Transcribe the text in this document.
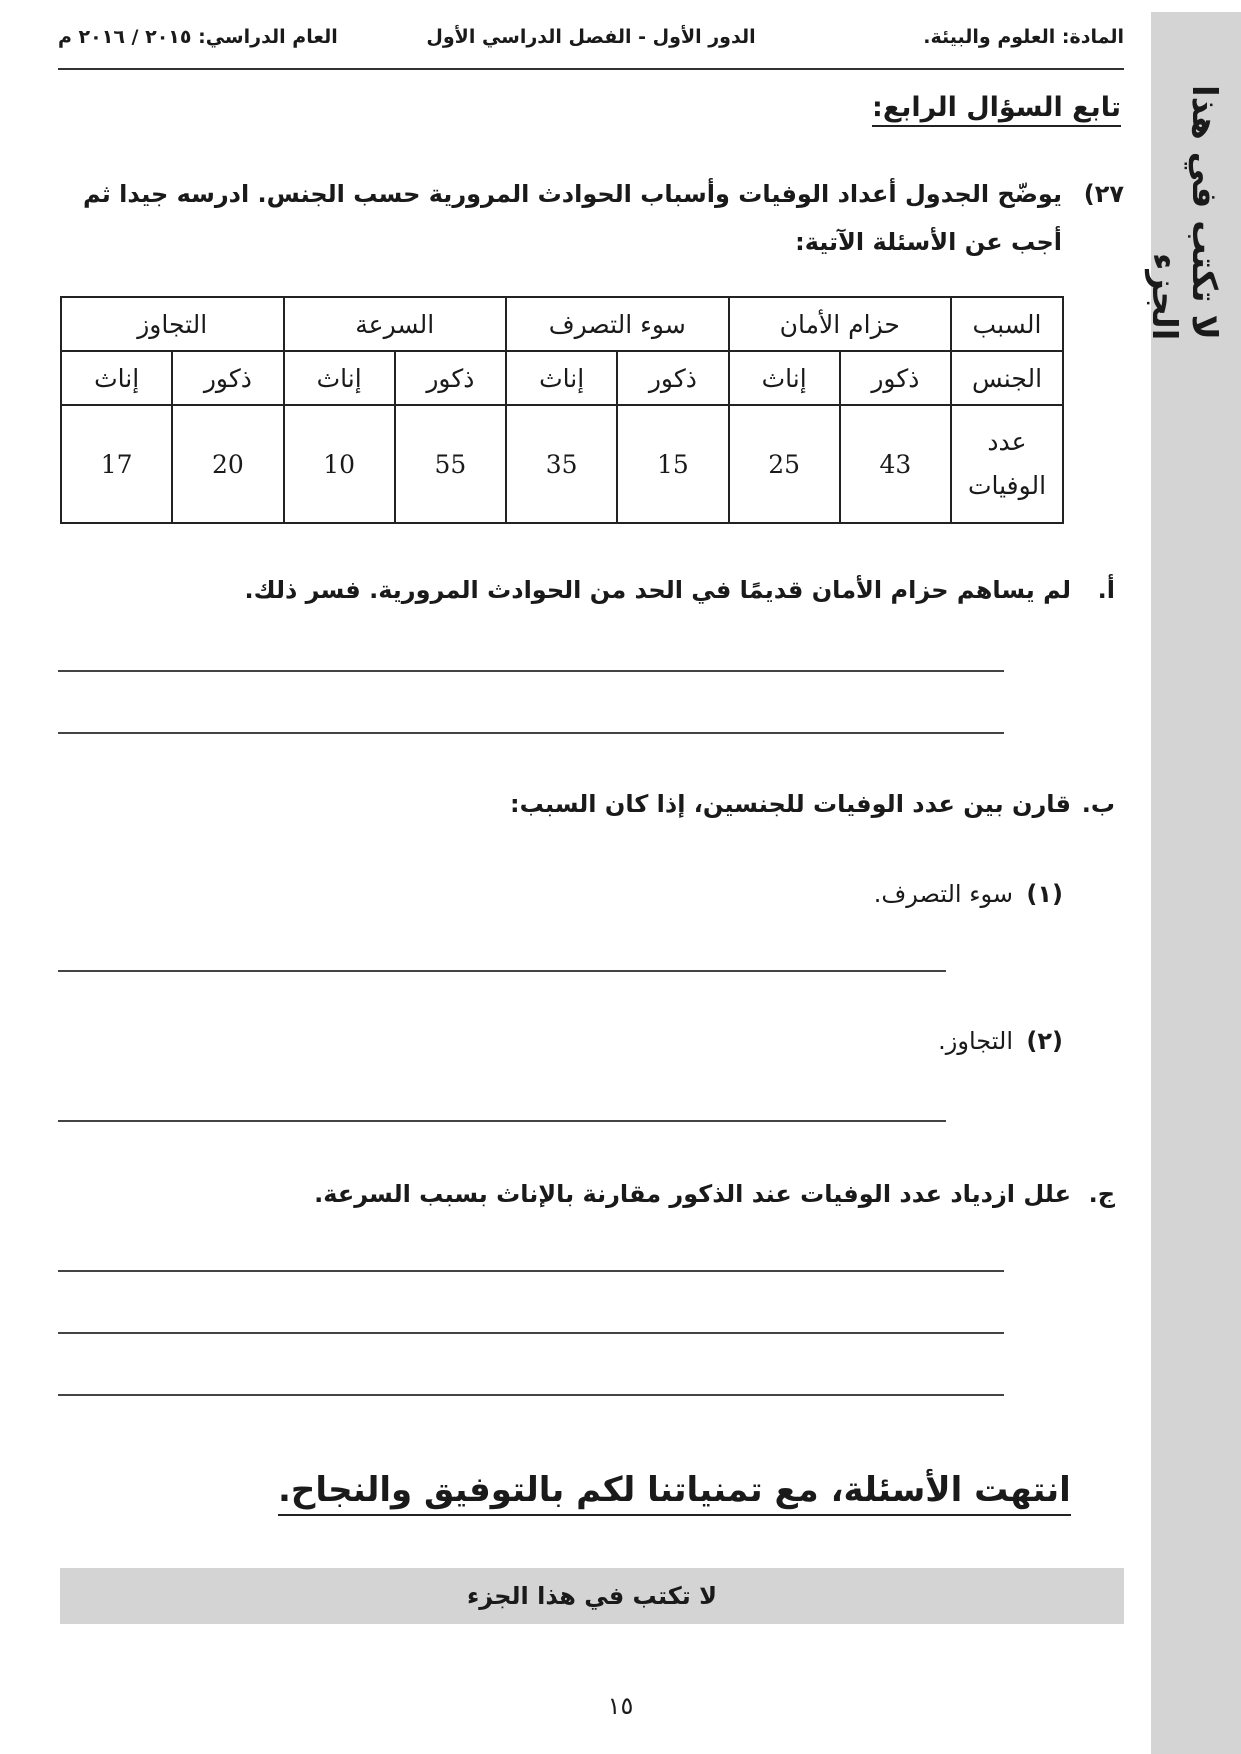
لا تكتب في هذا الجزء
المادة: العلوم والبيئة.
الدور الأول - الفصل الدراسي الأول
العام الدراسي: ٢٠١٥ / ٢٠١٦ م
تابع السؤال الرابع:
٢٧)
يوضّح الجدول أعداد الوفيات وأسباب الحوادث المرورية حسب الجنس. ادرسه جيدا ثم أجب عن الأسئلة الآتية:
السبب	حزام الأمان		سوء التصرف		السرعة		التجاوز	
الجنس	ذكور	إناث	ذكور	إناث	ذكور	إناث	ذكور	إناث

عدد
الوفيات	43	25	15	35	55	10	20	17
أ.
لم يساهم حزام الأمان قديمًا في الحد من الحوادث المرورية. فسر ذلك.
ب.
قارن بين عدد الوفيات للجنسين، إذا كان السبب:
(١)
سوء التصرف.
(٢)
التجاوز.
ج.
علل ازدياد عدد الوفيات عند الذكور مقارنة بالإناث بسبب السرعة.
انتهت الأسئلة، مع تمنياتنا لكم بالتوفيق والنجاح.
لا تكتب في هذا الجزء
١٥
